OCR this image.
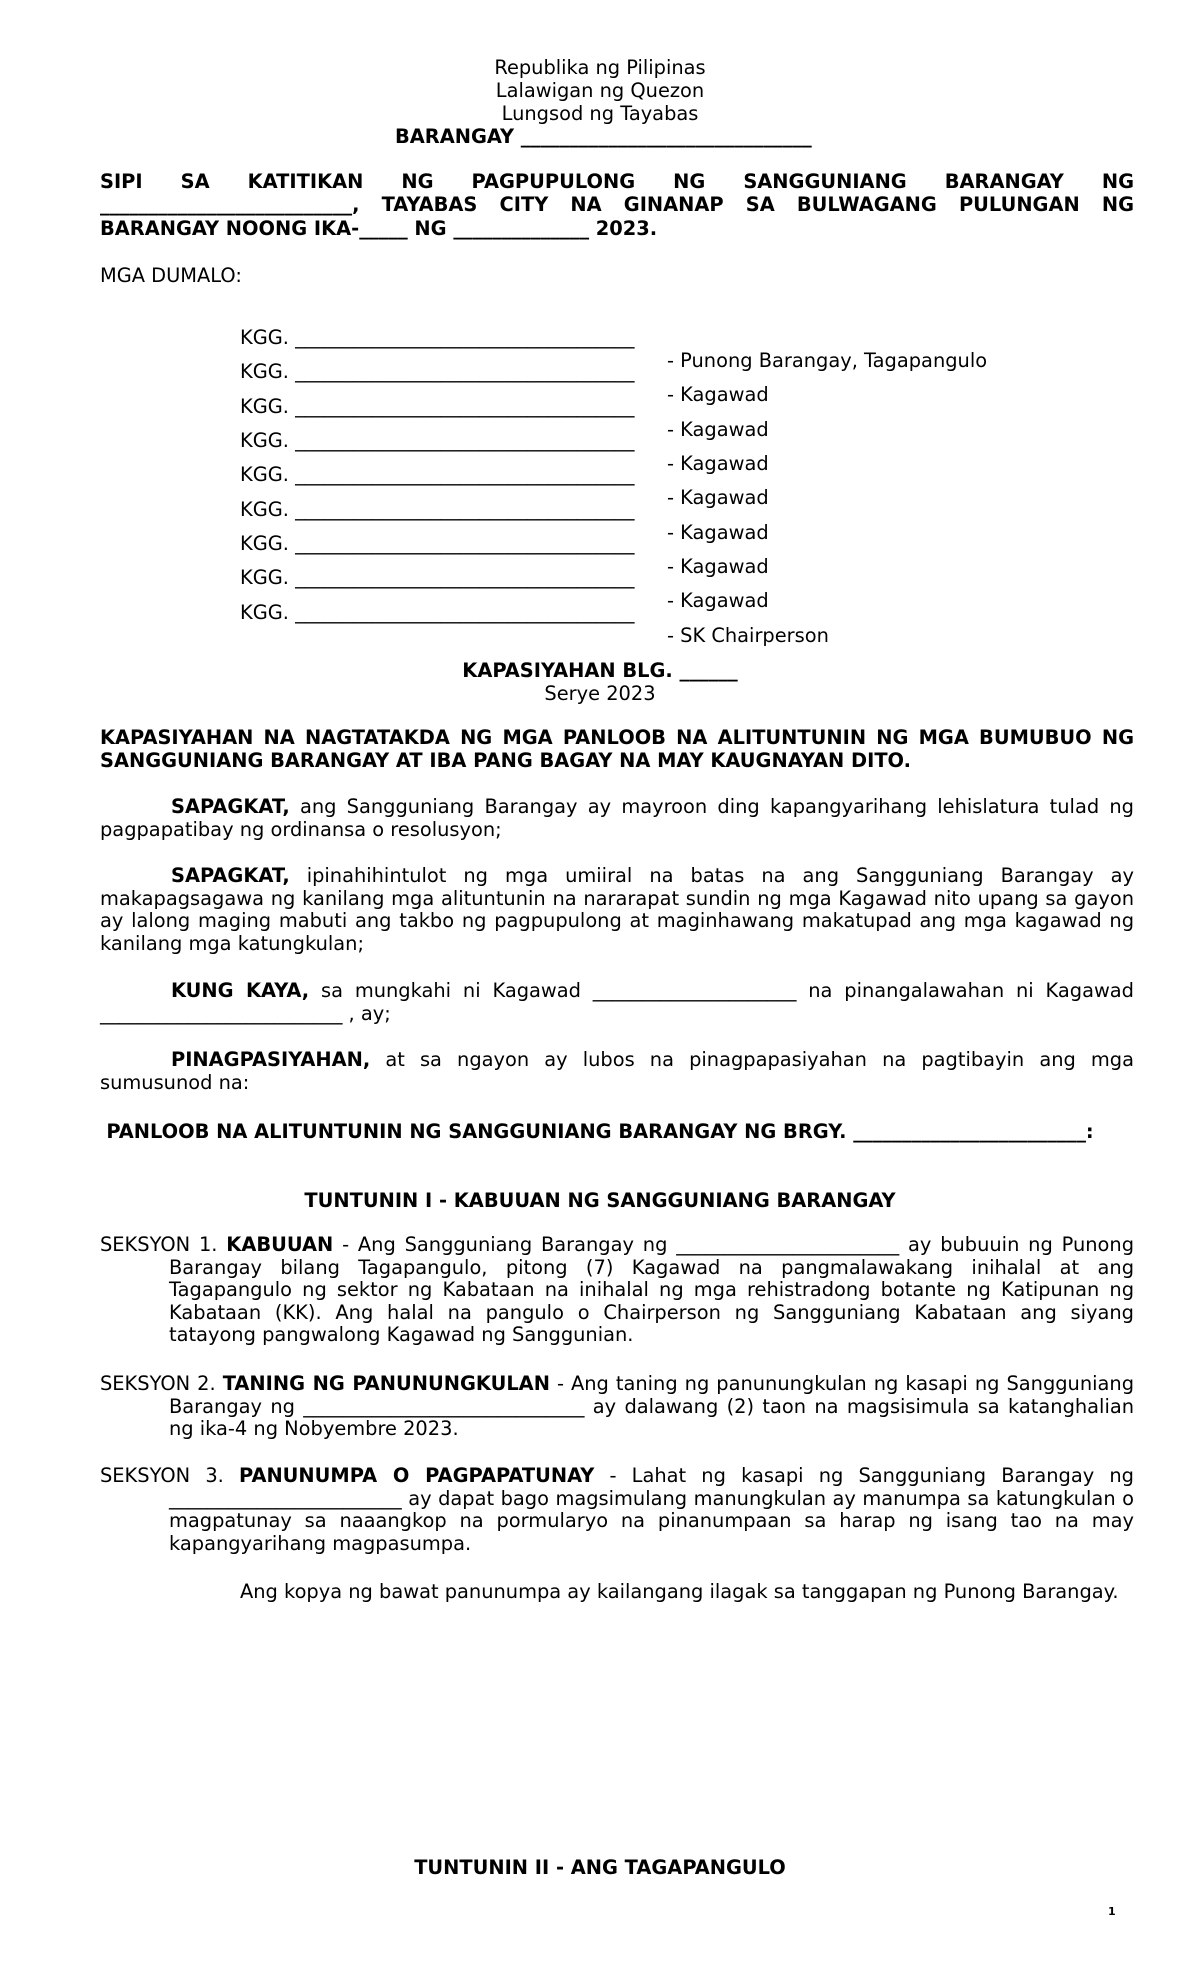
Republika ng Pilipinas
Lalawigan ng Quezon
Lungsod ng Tayabas
BARANGAY ______________________________
SIPI SA KATITIKAN NG PAGPUPULONG NG SANGGUNIANG BARANGAY NG
__________________________, TAYABAS CITY NA GINANAP SA BULWAGANG PULUNGAN NG
BARANGAY NOONG IKA-_____ NG ______________ 2023.
MGA DUMALO:

KGG. ___________________________________

- Punong Barangay, Tagapangulo

KGG. ___________________________________

- Kagawad

KGG. ___________________________________

- Kagawad

KGG. ___________________________________

- Kagawad

KGG. ___________________________________

- Kagawad

KGG. ___________________________________

- Kagawad

KGG. ___________________________________

- Kagawad

KGG. ___________________________________

- Kagawad

KGG. ___________________________________

- SK Chairperson

KAPASIYAHAN BLG. ______
Serye 2023
KAPASIYAHAN NA NAGTATAKDA NG MGA PANLOOB NA ALITUNTUNIN NG MGA BUMUBUO NG SANGGUNIANG BARANGAY AT IBA PANG BAGAY NA MAY KAUGNAYAN DITO.
SAPAGKAT, ang Sangguniang Barangay ay mayroon ding kapangyarihang lehislatura tulad ng pagpapatibay ng ordinansa o resolusyon;
SAPAGKAT, ipinahihintulot ng mga umiiral na batas na ang Sangguniang Barangay ay makapagsagawa ng kanilang mga alituntunin na nararapat sundin ng mga Kagawad nito upang sa gayon ay lalong maging mabuti ang takbo ng pagpupulong at maginhawang makatupad ang mga kagawad ng kanilang mga katungkulan;
KUNG KAYA, sa mungkahi ni Kagawad _____________________ na pinangalawahan ni Kagawad _________________________ , ay;
PINAGPASIYAHAN, at sa ngayon ay lubos na pinagpapasiyahan na pagtibayin ang mga sumusunod na:
PANLOOB NA ALITUNTUNIN NG SANGGUNIANG BARANGAY NG BRGY. ________________________:
TUNTUNIN I - KABUUAN NG SANGGUNIANG BARANGAY
SEKSYON 1. KABUUAN - Ang Sangguniang Barangay ng _______________________ ay bubuuin ng Punong Barangay bilang Tagapangulo, pitong (7) Kagawad na pangmalawakang inihalal at ang Tagapangulo ng sektor ng Kabataan na inihalal ng mga rehistradong botante ng Katipunan ng Kabataan (KK). Ang halal na pangulo o Chairperson ng Sangguniang Kabataan ang siyang tatayong pangwalong Kagawad ng Sanggunian.
SEKSYON 2. TANING NG PANUNUNGKULAN - Ang taning ng panunungkulan ng kasapi ng Sangguniang Barangay ng _____________________________ ay dalawang (2) taon na magsisimula sa katanghalian ng ika-4 ng Nobyembre 2023.
SEKSYON 3. PANUNUMPA O PAGPAPATUNAY - Lahat ng kasapi ng Sangguniang Barangay ng ________________________ ay dapat bago magsimulang manungkulan ay manumpa sa katungkulan o magpatunay sa naaangkop na pormularyo na pinanumpaan sa harap ng isang tao na may kapangyarihang magpasumpa.
Ang kopya ng bawat panunumpa ay kailangang ilagak sa tanggapan ng Punong Barangay.
TUNTUNIN II - ANG TAGAPANGULO
1
